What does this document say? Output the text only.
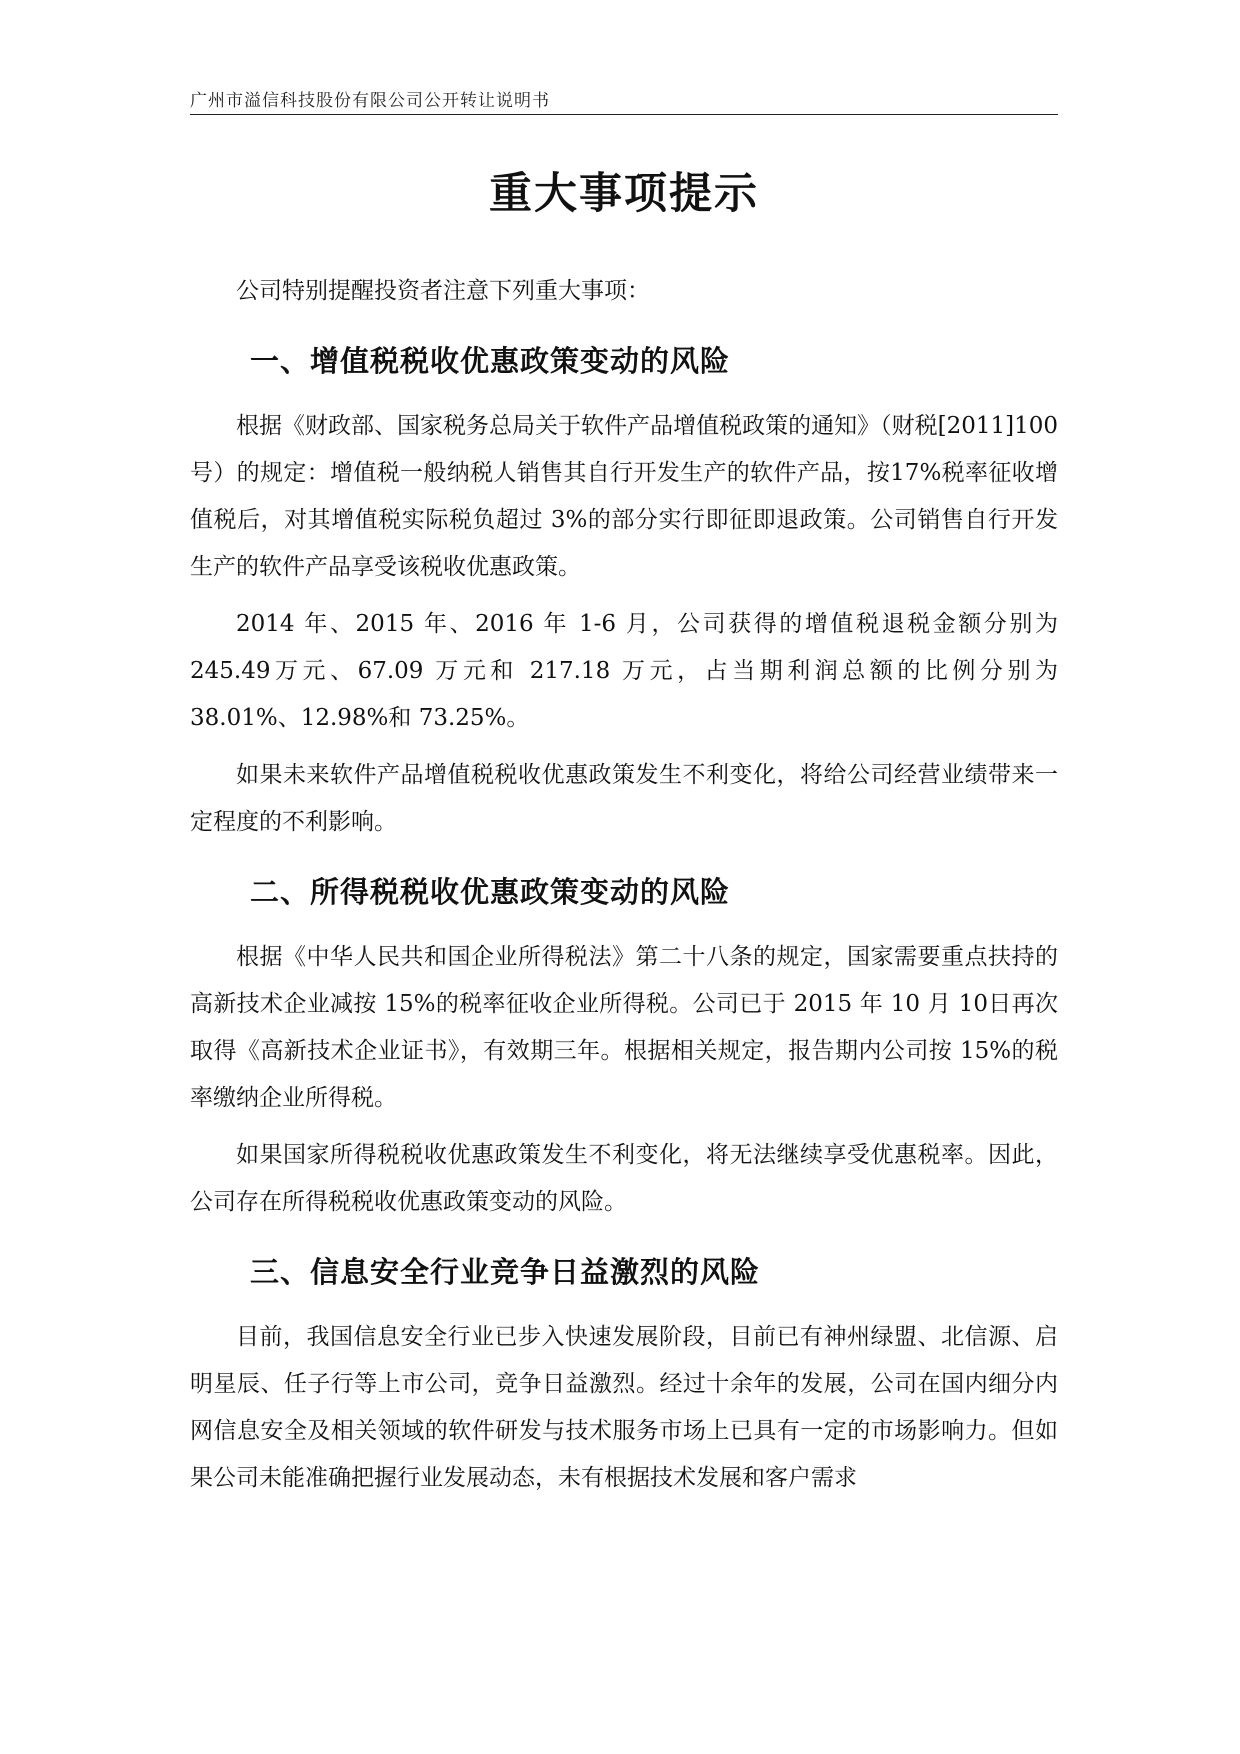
广州市溢信科技股份有限公司公开转让说明书
重大事项提示

公司特别提醒投资者注意下列重大事项：

一、增值税税收优惠政策变动的风险

根据《财政部、国家税务总局关于软件产品增值税政策的通知》（财税[2011]100 号）的规定：增值税一般纳税人销售其自行开发生产的软件产品，按17%税率征收增值税后，对其增值税实际税负超过 3%的部分实行即征即退政策。公司销售自行开发生产的软件产品享受该税收优惠政策。

2014 年、2015 年、2016 年 1-6 月，公司获得的增值税退税金额分别为 245.49万元、67.09 万元和 217.18 万元，占当期利润总额的比例分别为 38.01%、12.98%和 73.25%。

如果未来软件产品增值税税收优惠政策发生不利变化，将给公司经营业绩带来一定程度的不利影响。

二、所得税税收优惠政策变动的风险

根据《中华人民共和国企业所得税法》第二十八条的规定，国家需要重点扶持的高新技术企业减按 15%的税率征收企业所得税。公司已于 2015 年 10 月 10日再次取得《高新技术企业证书》，有效期三年。根据相关规定，报告期内公司按 15%的税率缴纳企业所得税。

如果国家所得税税收优惠政策发生不利变化，将无法继续享受优惠税率。因此，公司存在所得税税收优惠政策变动的风险。

三、信息安全行业竞争日益激烈的风险

目前，我国信息安全行业已步入快速发展阶段，目前已有神州绿盟、北信源、启明星辰、任子行等上市公司，竞争日益激烈。经过十余年的发展，公司在国内细分内网信息安全及相关领域的软件研发与技术服务市场上已具有一定的市场影响力。但如果公司未能准确把握行业发展动态，未有根据技术发展和客户需求
